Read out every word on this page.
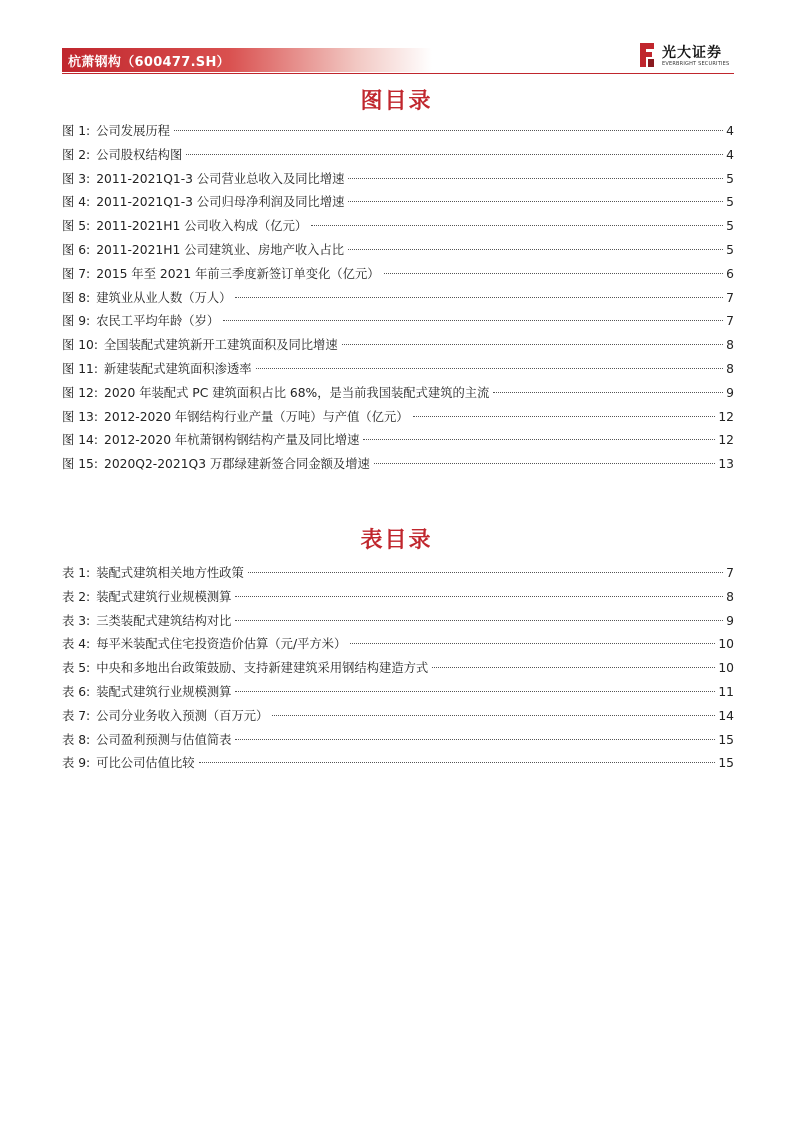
杭萧钢构（600477.SH）
光大证券
EVERBRIGHT SECURITIES
图目录
图 1: 公司发展历程	4
图 2: 公司股权结构图	4
图 3: 2011-2021Q1-3 公司营业总收入及同比增速	5
图 4: 2011-2021Q1-3 公司归母净利润及同比增速	5
图 5: 2011-2021H1 公司收入构成（亿元）	5
图 6: 2011-2021H1 公司建筑业、房地产收入占比	5
图 7: 2015 年至 2021 年前三季度新签订单变化（亿元）	6
图 8: 建筑业从业人数（万人）	7
图 9: 农民工平均年龄（岁）	7
图 10: 全国装配式建筑新开工建筑面积及同比增速	8
图 11: 新建装配式建筑面积渗透率	8
图 12: 2020 年装配式 PC 建筑面积占比 68%，是当前我国装配式建筑的主流	9
图 13: 2012-2020 年钢结构行业产量（万吨）与产值（亿元）	12
图 14: 2012-2020 年杭萧钢构钢结构产量及同比增速	12
图 15: 2020Q2-2021Q3 万郡绿建新签合同金额及增速	13
表目录
表 1: 装配式建筑相关地方性政策	7
表 2: 装配式建筑行业规模测算	8
表 3: 三类装配式建筑结构对比	9
表 4: 每平米装配式住宅投资造价估算（元/平方米）	10
表 5: 中央和多地出台政策鼓励、支持新建建筑采用钢结构建造方式	10
表 6: 装配式建筑行业规模测算	11
表 7: 公司分业务收入预测（百万元）	14
表 8: 公司盈利预测与估值简表	15
表 9: 可比公司估值比较	15
